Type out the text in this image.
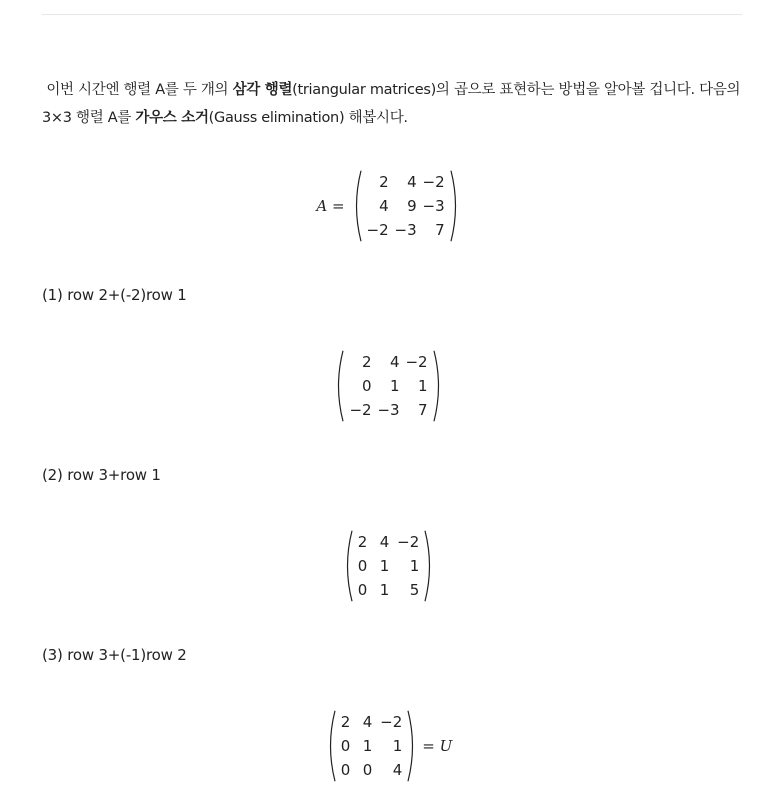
이번 시간엔 행렬 A를 두 개의 삼각 행렬(triangular matrices)의 곱으로 표현하는 방법을 알아볼 겁니다. 다음의 3×3 행렬 A를 가우스 소거(Gauss elimination) 해봅시다.

A =
2	4	−2
4	9	−3
−2	−3	7
(1) row 2+(-2)row 1
2	4	−2
0	1	1
−2	−3	7
(2) row 3+row 1
2	4	−2
0	1	1
0	1	5
(3) row 3+(-1)row 2
2	4	−2
0	1	1
0	0	4
= U
